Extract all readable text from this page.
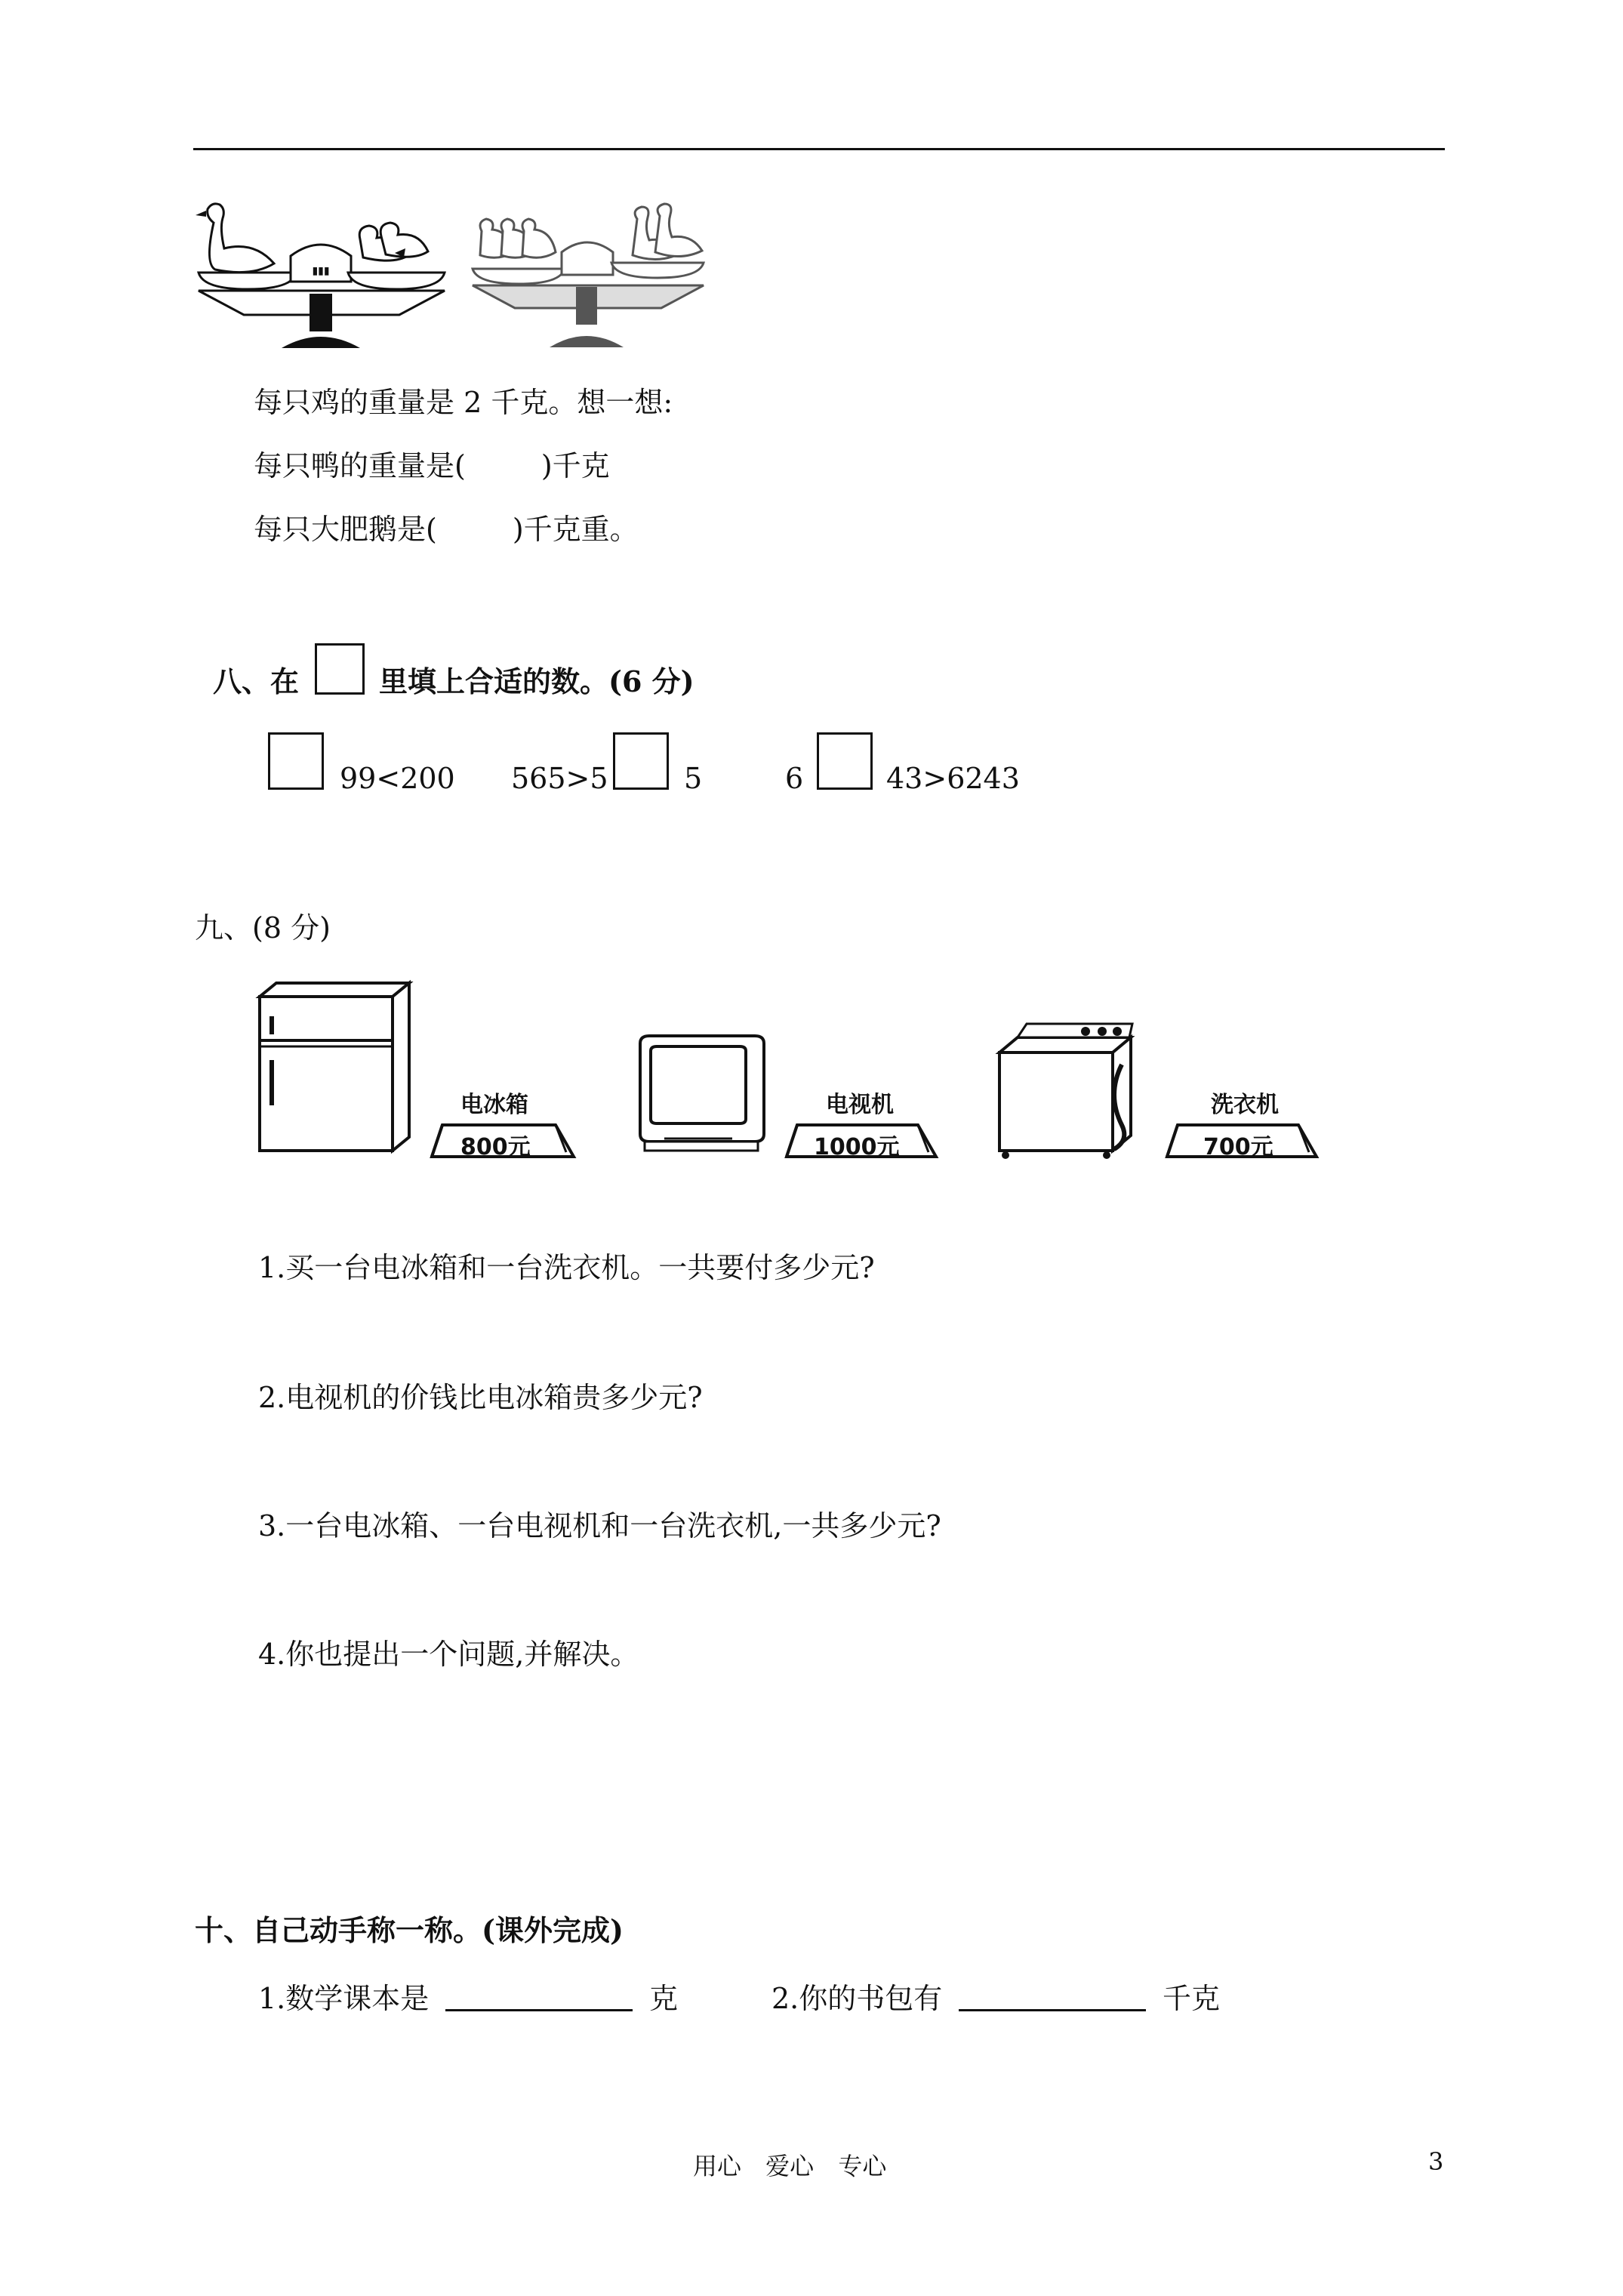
▮▮▮
每只鸡的重量是 2 千克。想一想:
每只鸭的重量是(	)千克
每只大肥鹅是(	)千克重。
八、在	里填上合适的数。(6 分)
99<200 565>5	5	6	43>6243
九、(8 分)
电冰箱
800元
电视机
1000元
洗衣机
700元
1.买一台电冰箱和一台洗衣机。一共要付多少元?
2.电视机的价钱比电冰箱贵多少元?
3.一台电冰箱、一台电视机和一台洗衣机,一共多少元?
4.你也提出一个问题,并解决。
十、自己动手称一称。(课外完成)
1.数学课本是	克	2.你的书包有	千克
用心 爱心 专心	3
